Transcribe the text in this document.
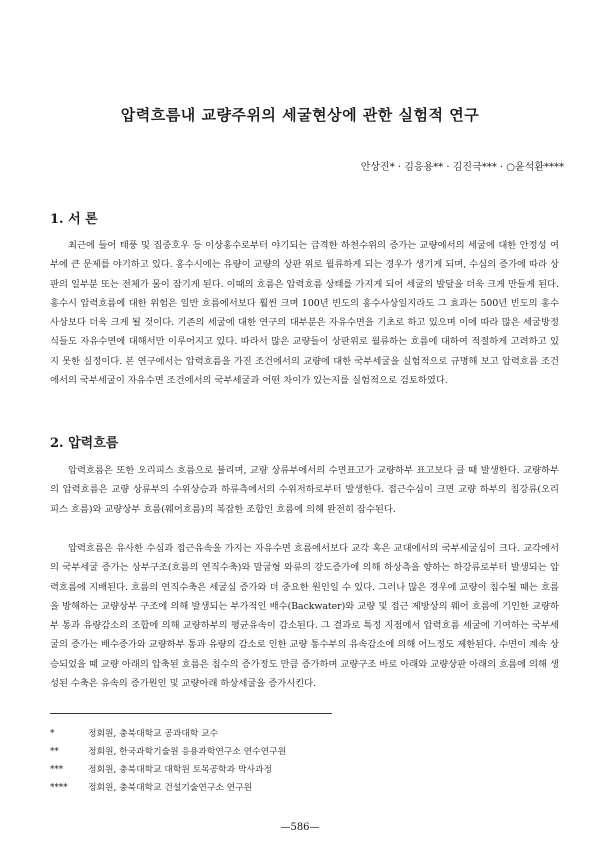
압력흐름내 교량주위의 세굴현상에 관한 실험적 연구
안상진* · 김응용** · 김진극*** · ○윤석환****
1. 서 론

최근에 들어 태풍 및 집중호우 등 이상홍수로부터 야기되는 급격한 하천수위의 증가는 교량에서의 세굴에 대한 안정성 여부에 큰 문제를 야기하고 있다. 홍수시에는 유량이 교량의 상판 위로 월류하게 되는 경우가 생기게 되며, 수심의 증가에 따라 상판의 일부분 또는 전체가 물이 잠기게 된다. 이때의 흐름은 압력흐름 상태를 가지게 되어 세굴의 발달을 더욱 크게 만들게 된다. 홍수시 압력흐름에 대한 위험은 일반 흐름에서보다 훨씬 크며 100년 빈도의 홍수사상일지라도 그 효과는 500년 빈도의 홍수사상보다 더욱 크게 될 것이다. 기존의 세굴에 대한 연구의 대부분은 자유수면을 기초로 하고 있으며 이에 따라 많은 세굴방정식들도 자유수면에 대해서만 이루어지고 있다. 따라서 많은 교량들이 상판위로 월류하는 흐름에 대하여 적절하게 고려하고 있지 못한 실정이다. 본 연구에서는 압력흐름을 가진 조건에서의 교량에 대한 국부세굴을 실험적으로 규명해 보고 압력흐름 조건에서의 국부세굴이 자유수면 조건에서의 국부세굴과 어떤 차이가 있는지를 실험적으로 검토하였다.

2. 압력흐름

압력흐름은 또한 오리피스 흐름으로 불리며, 교량 상류부에서의 수면표고가 교량하부 표고보다 클 때 발생한다. 교량하부의 압력흐름은 교량 상류부의 수위상승과 하류측에서의 수위저하로부터 발생한다. 접근수심이 크면 교량 하부의 침강류(오리피스 흐름)와 교량상부 흐름(웨어흐름)의 복잡한 조합인 흐름에 의해 완전히 잠수된다.

압력흐름은 유사한 수심과 접근유속을 가지는 자유수면 흐름에서보다 교각 혹은 교대에서의 국부세굴심이 크다. 교각에서의 국부세굴 증가는 상부구조(흐름의 연직수축)와 말굽형 와류의 강도증가에 의해 하상측을 향하는 하강류로부터 발생되는 압력흐름에 지배된다. 흐름의 연직수축은 세굴심 증가와 더 중요한 원인일 수 있다. 그러나 많은 경우에 교량이 침수될 때는 흐름을 방해하는 교량상부 구조에 의해 발생되는 부가적인 배수(Backwater)와 교량 및 접근 제방상의 웨어 흐름에 기인한 교량하부 통과 유량감소의 조합에 의해 교량하부의 평균유속이 감소된다. 그 결과로 특정 지점에서 압력흐름 세굴에 기여하는 국부세굴의 증가는 배수증가와 교량하부 통과 유량의 감소로 인한 교량 통수부의 유속감소에 의해 어느정도 제한된다. 수면이 계속 상승되었을 때 교량 아래의 압축된 흐름은 침수의 증가정도 만큼 증가하며 교량구조 바로 아래와 교량상판 아래의 흐름에 의해 생성된 수축은 유속의 증가원인 및 교량아래 하상세굴을 증가시킨다.

*	정회원, 충북대학교 공과대학 교수
**	정회원, 한국과학기술원 응용과학연구소 연수연구원
***	정회원, 충북대학교 대학원 토목공학과 박사과정
**** 정회원, 충북대학교 건설기술연구소 연구원
—586—
